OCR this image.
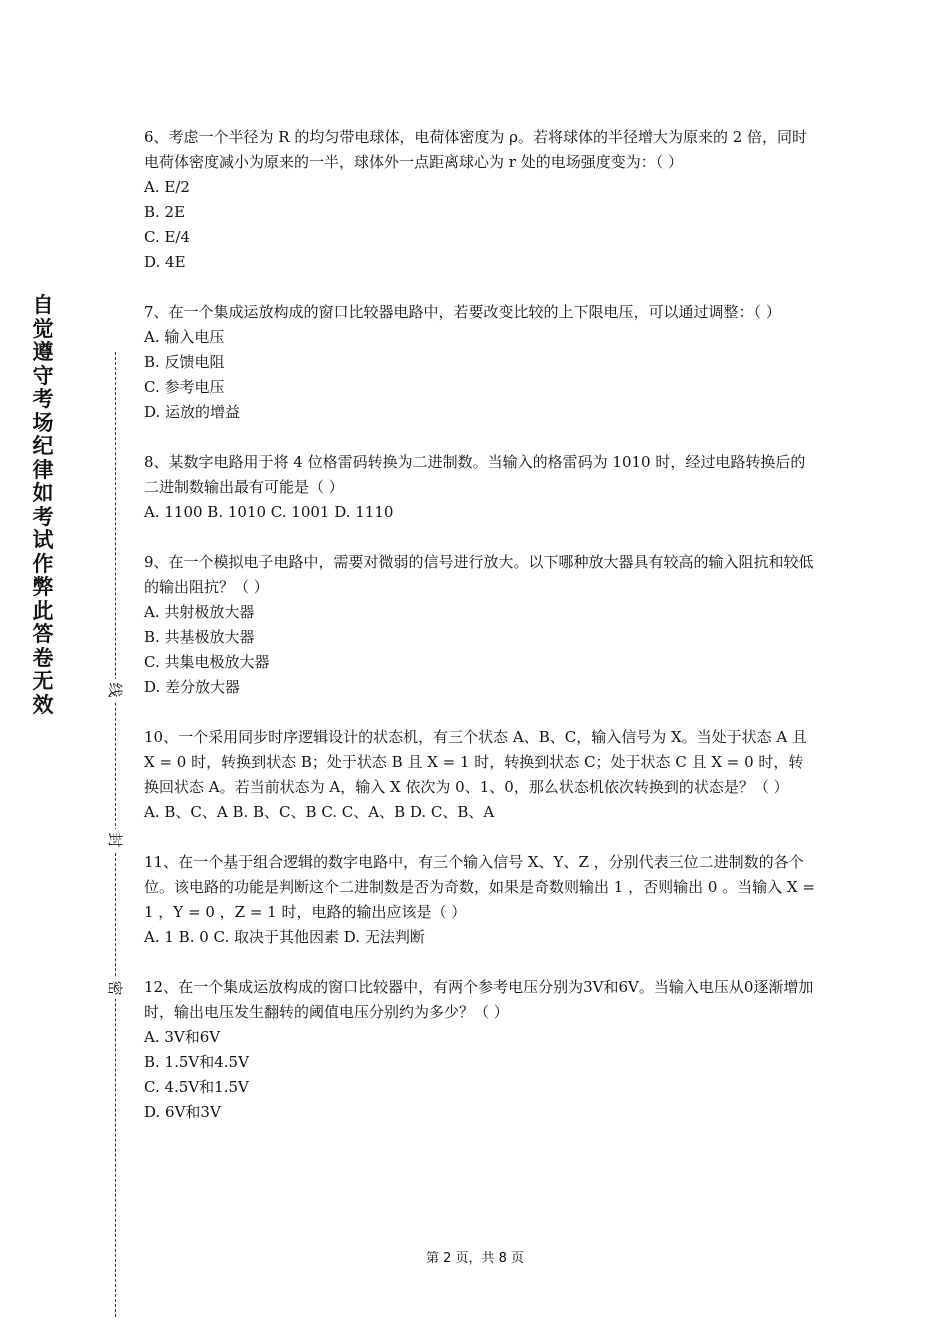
自觉遵守考场纪律如考试作弊此答卷无效
线
封
密

6、考虑一个半径为 R 的均匀带电球体，电荷体密度为 ρ。若将球体的半径增大为原来的 2 倍，同时电荷体密度减小为原来的一半，球体外一点距离球心为 r 处的电场强度变为：（ ）

A. E/2

B. 2E

C. E/4

D. 4E

7、在一个集成运放构成的窗口比较器电路中，若要改变比较的上下限电压，可以通过调整：（ ）

A. 输入电压

B. 反馈电阻

C. 参考电压

D. 运放的增益

8、某数字电路用于将 4 位格雷码转换为二进制数。当输入的格雷码为 1010 时，经过电路转换后的二进制数输出最有可能是（ ）

A. 1100 B. 1010 C. 1001 D. 1110

9、在一个模拟电子电路中，需要对微弱的信号进行放大。以下哪种放大器具有较高的输入阻抗和较低的输出阻抗？（ ）

A. 共射极放大器

B. 共基极放大器

C. 共集电极放大器

D. 差分放大器

10、一个采用同步时序逻辑设计的状态机，有三个状态 A、B、C，输入信号为 X。当处于状态 A 且 X = 0 时，转换到状态 B；处于状态 B 且 X = 1 时，转换到状态 C；处于状态 C 且 X = 0 时，转换回状态 A。若当前状态为 A，输入 X 依次为 0、1、0，那么状态机依次转换到的状态是？（ ）

A. B、C、A B. B、C、B C. C、A、B D. C、B、A

11、在一个基于组合逻辑的数字电路中，有三个输入信号 X、Y、Z ，分别代表三位二进制数的各个位。该电路的功能是判断这个二进制数是否为奇数，如果是奇数则输出 1 ，否则输出 0 。当输入 X = 1 ，Y = 0 ，Z = 1 时，电路的输出应该是（ ）

A. 1 B. 0 C. 取决于其他因素 D. 无法判断

12、在一个集成运放构成的窗口比较器中，有两个参考电压分别为3V和6V。当输入电压从0逐渐增加时，输出电压发生翻转的阈值电压分别约为多少？（ ）

A. 3V和6V

B. 1.5V和4.5V

C. 4.5V和1.5V

D. 6V和3V

第 2 页，共 8 页
